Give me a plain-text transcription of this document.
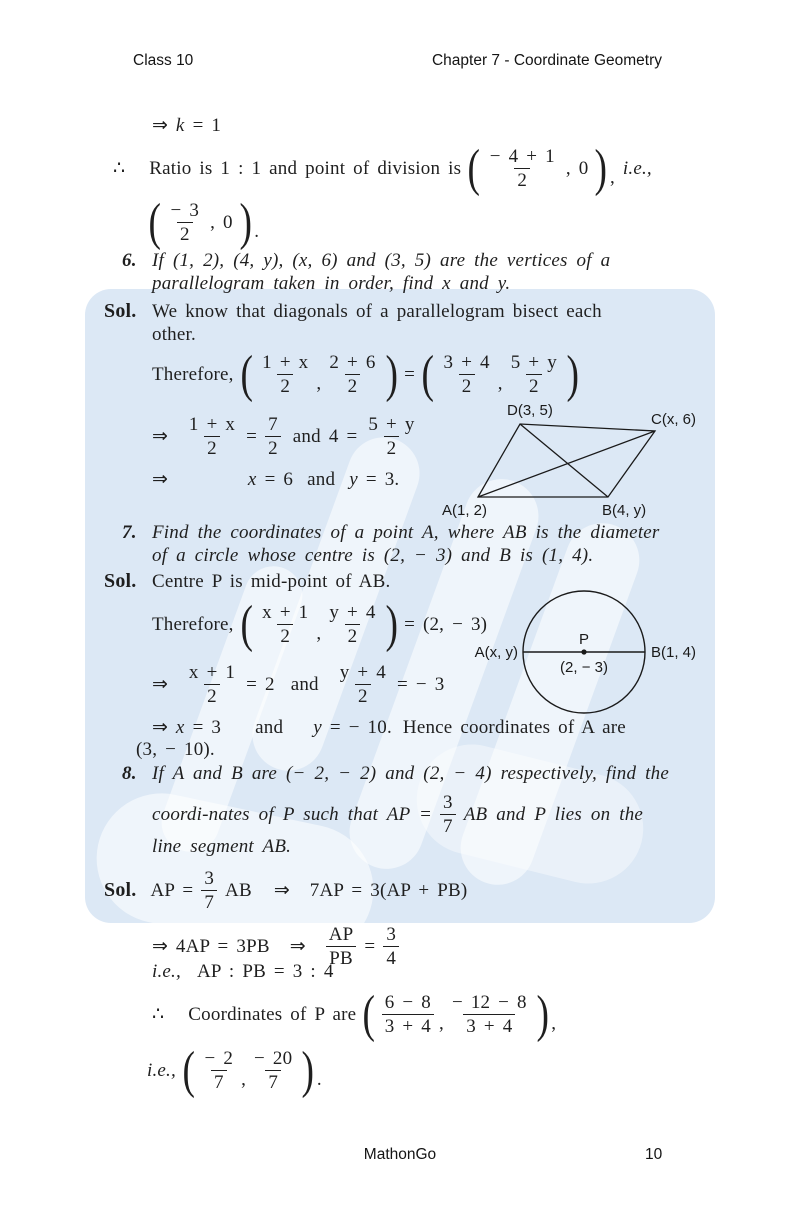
Class 10	Chapter 7 - Coordinate Geometry
⇒ k = 1
∴ Ratio is 1 : 1 and point of division is ( $\frac{- 4 + 1}{2}$ , 0 ) , i.e.,
( $\frac{- 3}{2}$ , 0 ) .
6. If (1, 2), (4, y), (x, 6) and (3, 5) are the vertices of a
parallelogram taken in order, find x and y.
Sol. We know that diagonals of a parallelogram bisect each
other.
Therefore, ( $\frac{1 + x}{2}$ , $\frac{2 + 6}{2}$ ) = ( $\frac{3 + 4}{2}$ , $\frac{5 + y}{2}$ )
⇒ $\frac{1 + x}{2} = \frac{7}{2}$ and $4 = \frac{5 + y}{2}$
⇒	x = 6 and y = 3.
D(3, 5)
C(x, 6)
A(1, 2)	B(4, y)
7. Find the coordinates of a point A, where AB is the diameter
of a circle whose centre is (2, − 3) and B is (1, 4).
Sol. Centre P is mid-point of AB.
Therefore, ( $\frac{x + 1}{2}$ , $\frac{y + 4}{2}$ ) = (2, − 3)
⇒ $\frac{x + 1}{2} = 2$ and $\frac{y + 4}{2}$ = − 3
⇒ x = 3 and y = − 10. Hence coordinates of A are
(3, − 10).
P
(2, − 3)
A(x, y)	B(1, 4)
8. If A and B are (− 2, − 2) and (2, − 4) respectively, find the
coordi-nates of P such that AP = $\frac{3}{7}$ AB and P lies on the
line segment AB.
Sol. AP = $\frac{3}{7}$ AB ⇒ 7AP = 3(AP + PB)
⇒ 4AP = 3PB ⇒ $\frac{AP}{PB} = \frac{3}{4}$
i.e., AP : PB = 3 : 4
∴ Coordinates of P are ( $\frac{6 - 8}{3 + 4}$ , $\frac{- 12 - 8}{3 + 4}$ ) ,
i.e., ( $\frac{- 2}{7}$ , $\frac{- 20}{7}$ ) .
MathonGo	10
